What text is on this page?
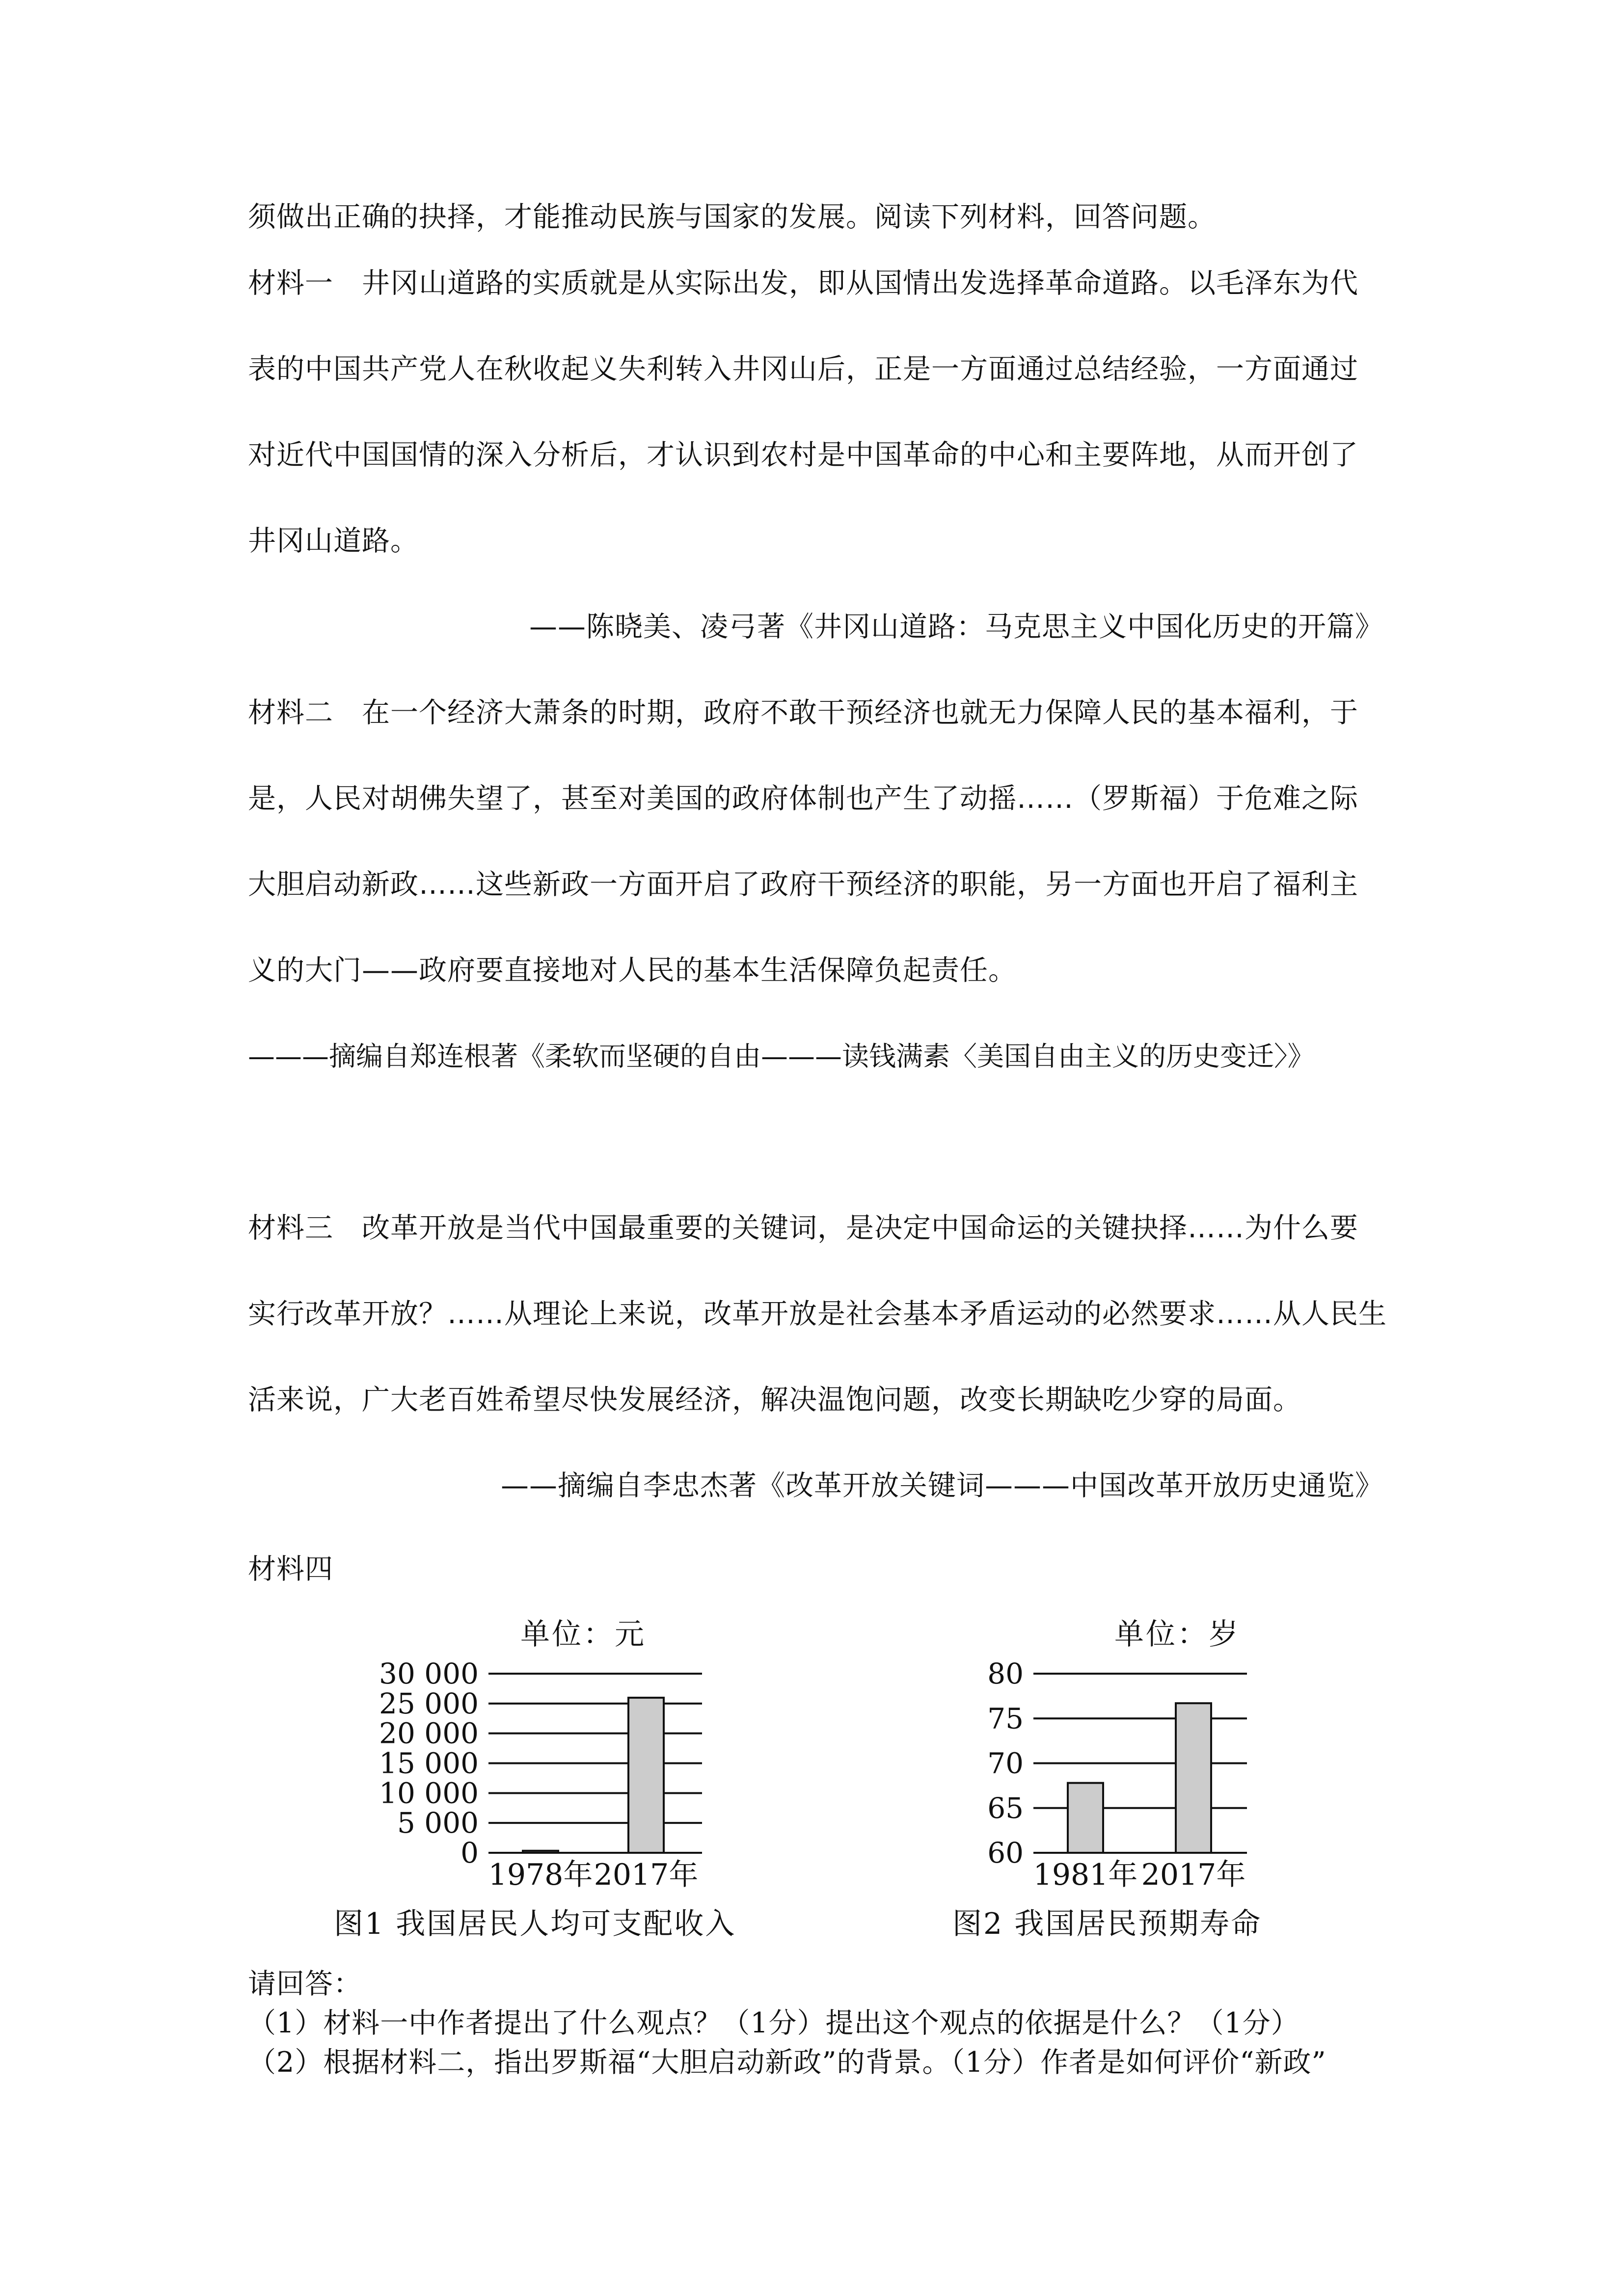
须做出正确的抉择，才能推动民族与国家的发展。阅读下列材料，回答问题。
材料一　井冈山道路的实质就是从实际出发，即从国情出发选择革命道路。以毛泽东为代
表的中国共产党人在秋收起义失利转入井冈山后，正是一方面通过总结经验，一方面通过
对近代中国国情的深入分析后，才认识到农村是中国革命的中心和主要阵地，从而开创了
井冈山道路。
——陈晓美、凌弓著《井冈山道路：马克思主义中国化历史的开篇》
材料二　在一个经济大萧条的时期，政府不敢干预经济也就无力保障人民的基本福利，于
是，人民对胡佛失望了，甚至对美国的政府体制也产生了动摇……（罗斯福）于危难之际
大胆启动新政……这些新政一方面开启了政府干预经济的职能，另一方面也开启了福利主
义的大门——政府要直接地对人民的基本生活保障负起责任。
———摘编自郑连根著《柔软而坚硬的自由———读钱满素〈美国自由主义的历史变迁〉》
材料三　改革开放是当代中国最重要的关键词，是决定中国命运的关键抉择……为什么要
实行改革开放？……从理论上来说，改革开放是社会基本矛盾运动的必然要求……从人民生
活来说，广大老百姓希望尽快发展经济，解决温饱问题，改变长期缺吃少穿的局面。
——摘编自李忠杰著《改革开放关键词———中国改革开放历史通览》
材料四
单位：元
30 000
25 000
20 000
15 000
10 000
5 000
0
1978年 2017年
图1 我国居民人均可支配收入
单位：岁
80
75
70
65
60
1981年 2017年
图2 我国居民预期寿命
请回答：
（1）材料一中作者提出了什么观点？（1分）提出这个观点的依据是什么？（1分）
（2）根据材料二，指出罗斯福“大胆启动新政”的背景。（1分）作者是如何评价“新政”
